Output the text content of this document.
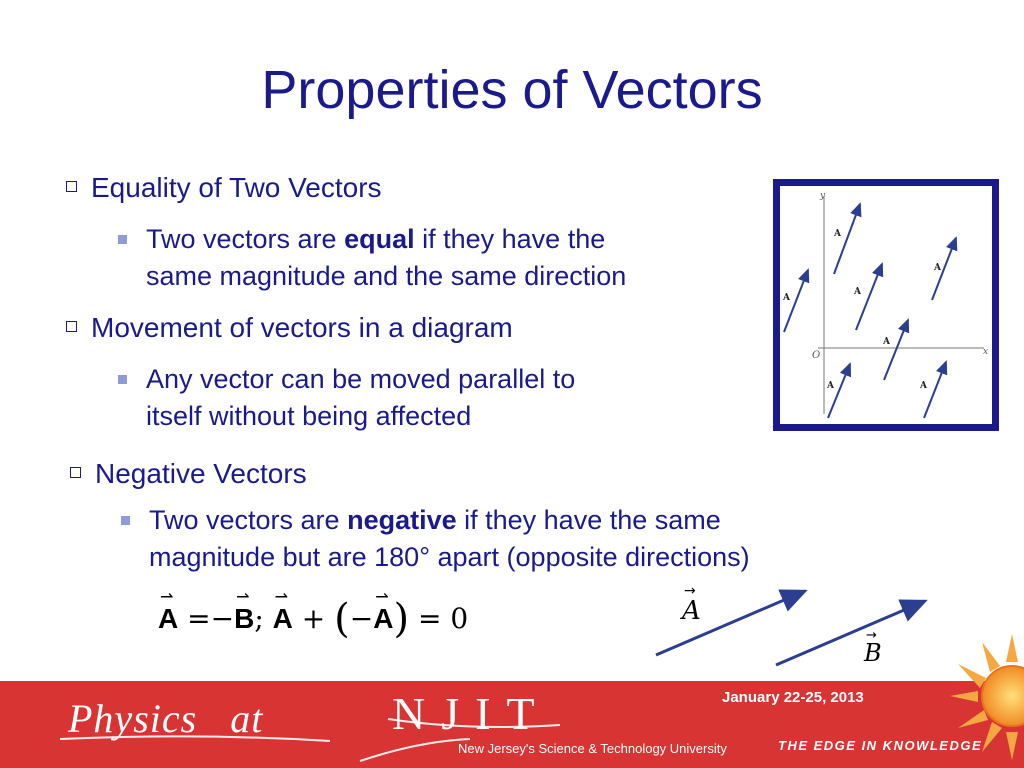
Properties of Vectors
Equality of Two Vectors
Two vectors are equal if they have the
same magnitude and the same direction
Movement of vectors in a diagram
Any vector can be moved parallel to
itself without being affected
y
x
O
A
A
A
A
A
A	A
Negative Vectors
Two vectors are negative if they have the same
magnitude but are 180° apart (opposite directions)
⇀
A =−
⇀
B;
⇀
A + (−
⇀
A) = 0	A
→
B
→
Physics at	NJIT
New Jersey's Science & Technology University
January 22-25, 2013
THE EDGE IN KNOWLEDGE
